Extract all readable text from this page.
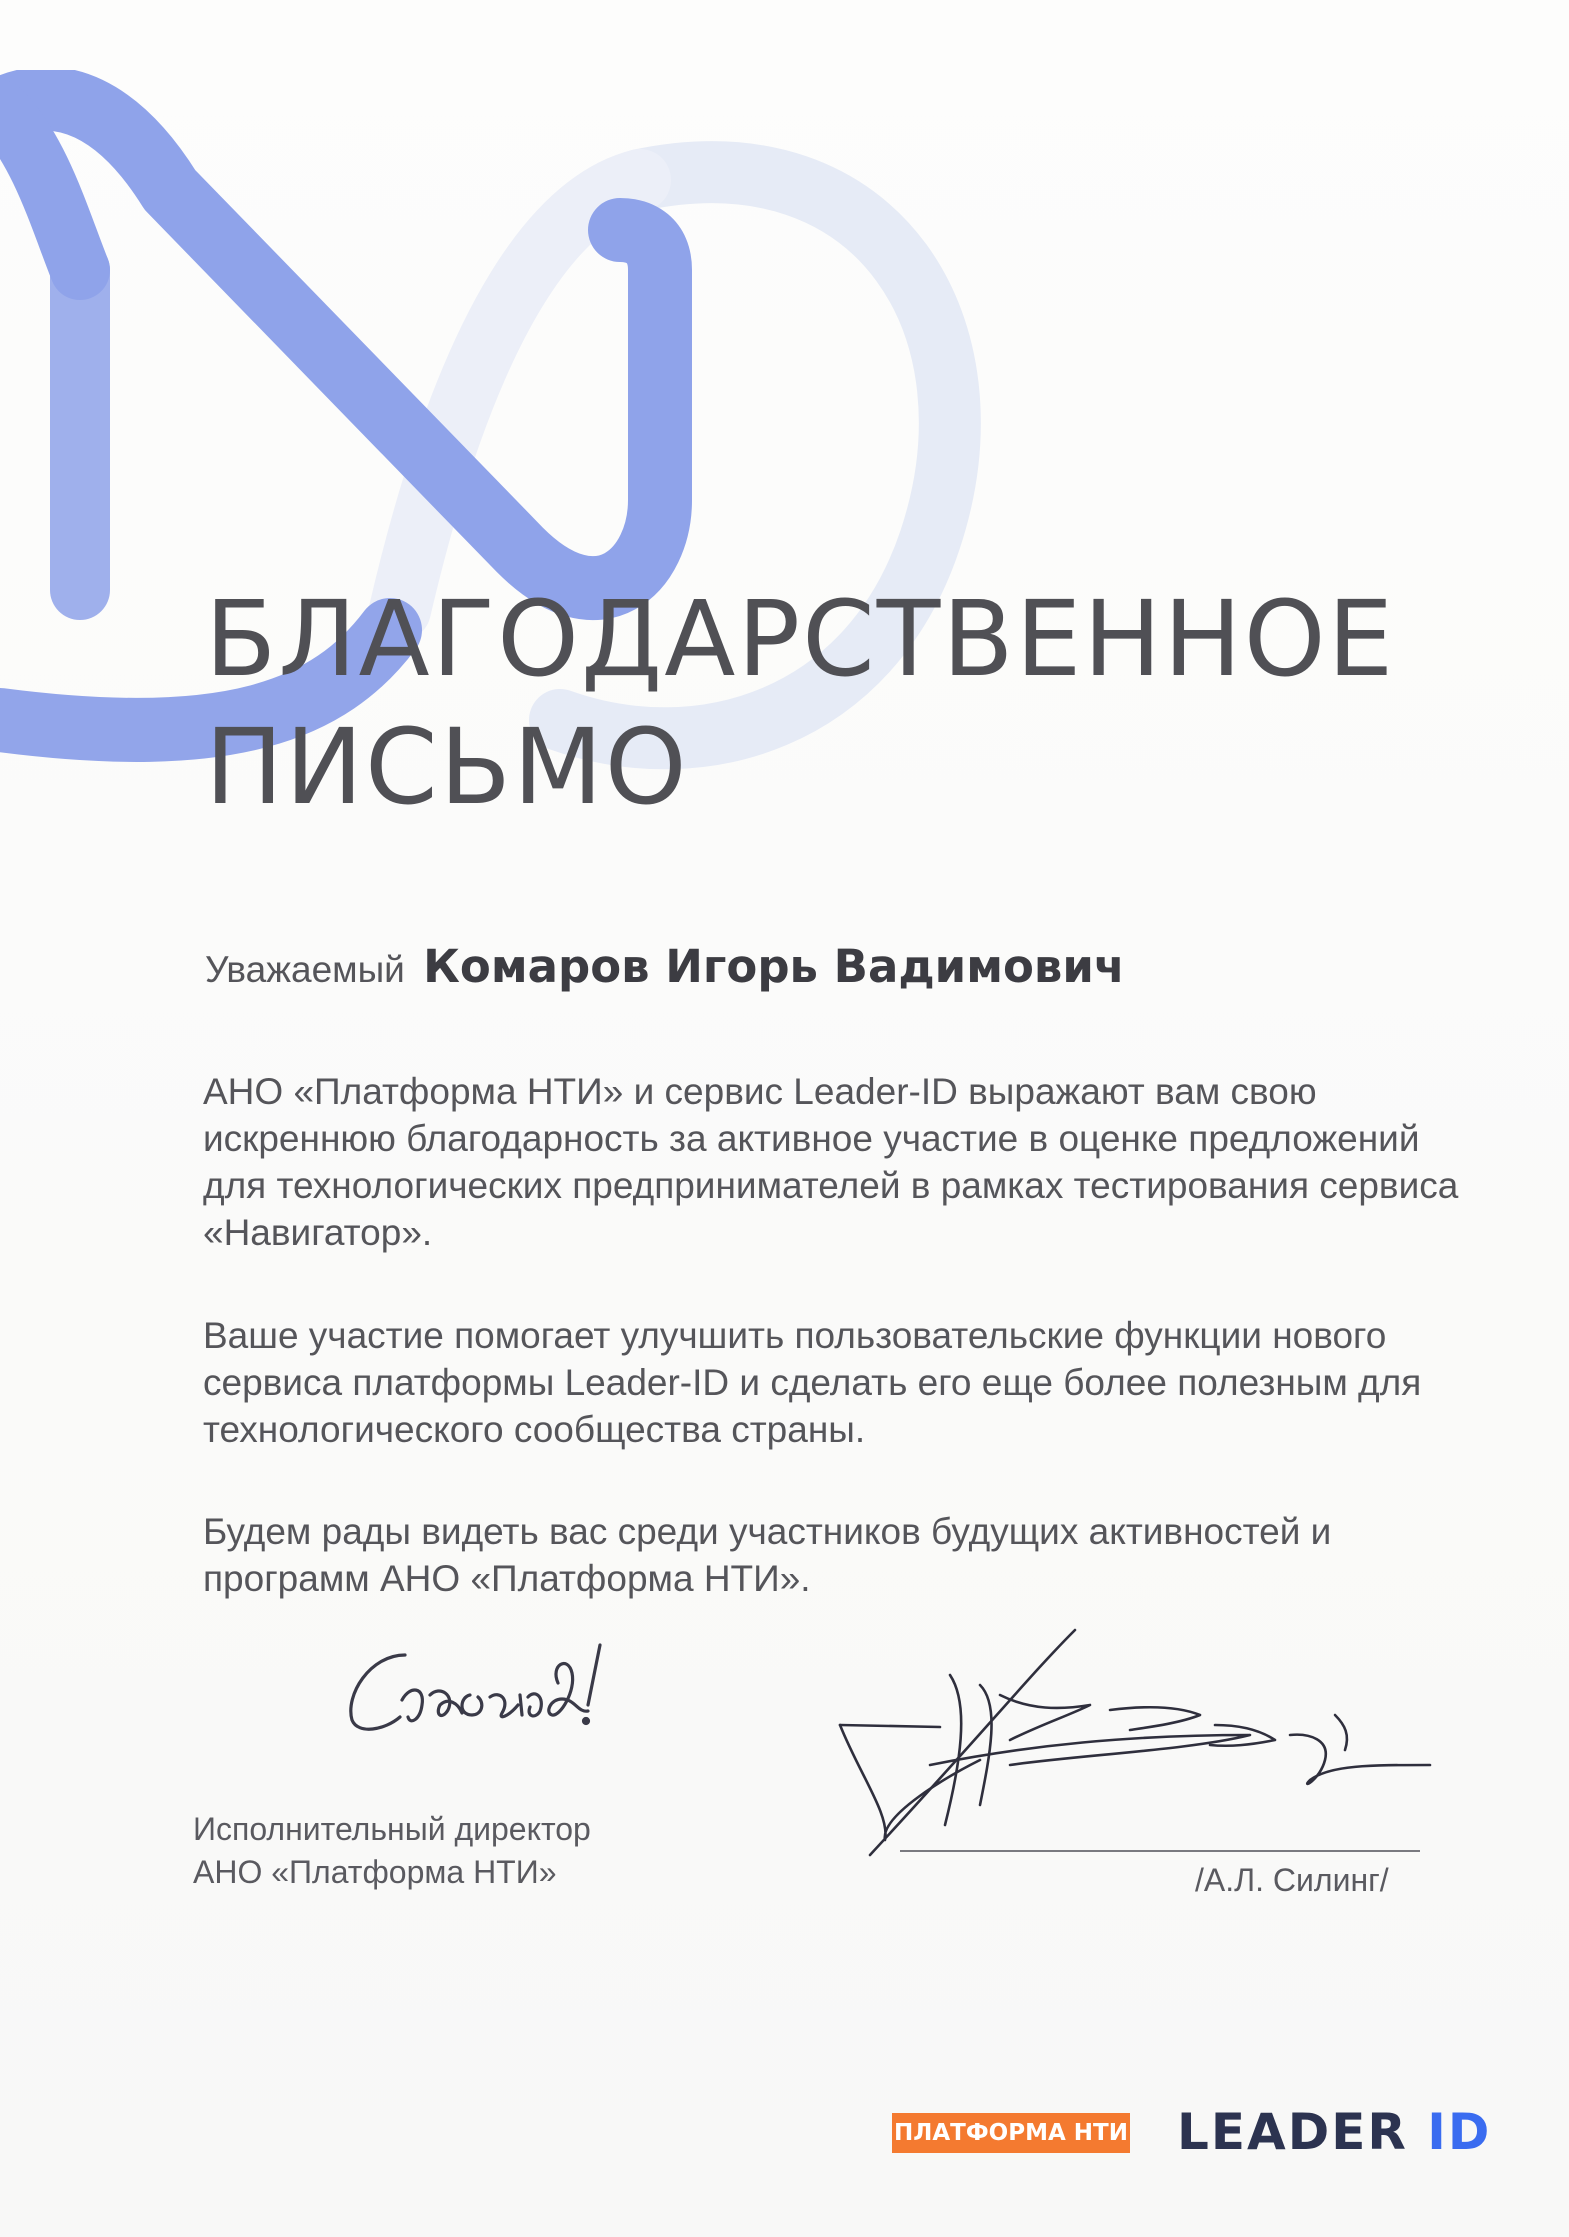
БЛАГОДАРСТВЕННОЕ
ПИСЬМО
Уважаемый Комаров Игорь Вадимович

АНО «Платформа НТИ» и сервис Leader-ID выражают вам свою искреннюю благодарность за активное участие в оценке предложений для технологических предпринимателей в рамках тестирования сервиса «Навигатор».

Ваше участие помогает улучшить пользовательские функции нового сервиса платформы Leader-ID и сделать его еще более полезным для технологического сообщества страны.

Будем рады видеть вас среди участников будущих активностей и программ АНО «Платформа НТИ».

Исполнительный директор
АНО «Платформа НТИ»	/А.Л. Силинг/
ПЛАТФОРМА НТИ LEADER ID
